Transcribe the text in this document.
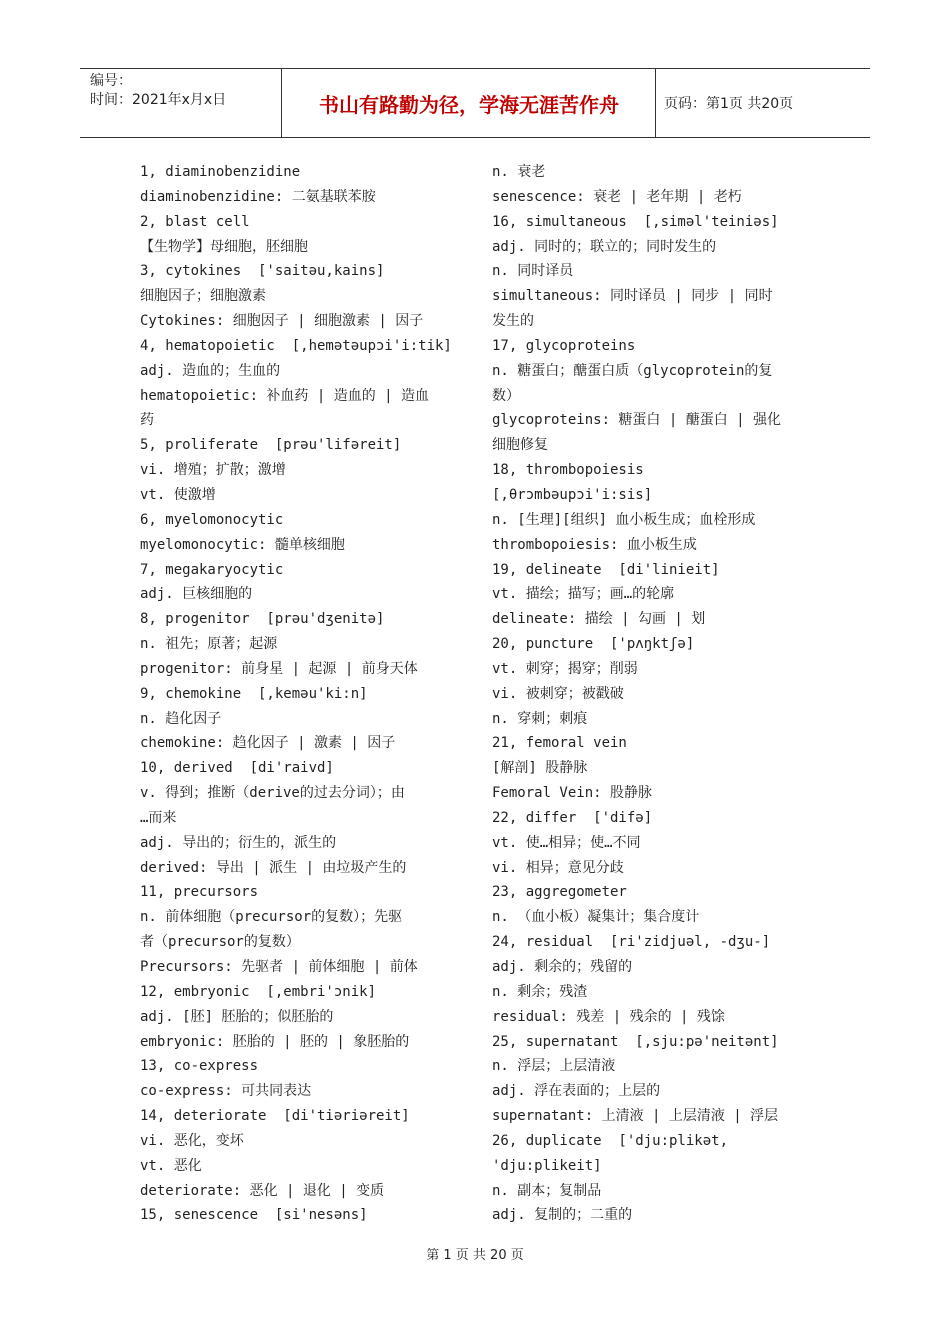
编号：
时间：2021年x月x日	书山有路勤为径，学海无涯苦作舟	页码：第1页 共20页
1, diaminobenzidine
diaminobenzidine: 二氨基联苯胺
2, blast cell
【生物学】母细胞，胚细胞
3, cytokines  ['saitəu,kains]
细胞因子；细胞激素
Cytokines: 细胞因子 | 细胞激素 | 因子
4, hematopoietic  [,hemətəupɔi'i:tik]
adj. 造血的；生血的
hematopoietic: 补血药 | 造血的 | 造血
药
5, proliferate  [prəu'lifəreit]
vi. 增殖；扩散；激增
vt. 使激增
6, myelomonocytic
myelomonocytic: 髓单核细胞
7, megakaryocytic
adj. 巨核细胞的
8, progenitor  [prəu'dʒenitə]
n. 祖先；原著；起源
progenitor: 前身星 | 起源 | 前身天体
9, chemokine  [,keməu'ki:n]
n. 趋化因子
chemokine: 趋化因子 | 激素 | 因子
10, derived  [di'raivd]
v. 得到；推断（derive的过去分词）；由
…而来
adj. 导出的；衍生的，派生的
derived: 导出 | 派生 | 由垃圾产生的
11, precursors
n. 前体细胞（precursor的复数）；先驱
者（precursor的复数）
Precursors: 先驱者 | 前体细胞 | 前体
12, embryonic  [,embri'ɔnik]
adj. [胚] 胚胎的；似胚胎的
embryonic: 胚胎的 | 胚的 | 象胚胎的
13, co-express
co-express: 可共同表达
14, deteriorate  [di'tiəriəreit]
vi. 恶化，变坏
vt. 恶化
deteriorate: 恶化 | 退化 | 变质
15, senescence  [si'nesəns]
n. 衰老
senescence: 衰老 | 老年期 | 老朽
16, simultaneous  [,siməl'teiniəs]
adj. 同时的；联立的；同时发生的
n. 同时译员
simultaneous: 同时译员 | 同步 | 同时
发生的
17, glycoproteins
n. 糖蛋白；醣蛋白质（glycoprotein的复
数）
glycoproteins: 糖蛋白 | 醣蛋白 | 强化
细胞修复
18, thrombopoiesis
[,θrɔmbəupɔi'i:sis]
n. [生理][组织] 血小板生成；血栓形成
thrombopoiesis: 血小板生成
19, delineate  [di'linieit]
vt. 描绘；描写；画…的轮廓
delineate: 描绘 | 勾画 | 划
20, puncture  ['pʌŋktʃə]
vt. 刺穿；揭穿；削弱
vi. 被刺穿；被戳破
n. 穿刺；刺痕
21, femoral vein
[解剖] 股静脉
Femoral Vein: 股静脉
22, differ  ['difə]
vt. 使…相异；使…不同
vi. 相异；意见分歧
23, aggregometer
n. （血小板）凝集计；集合度计
24, residual  [ri'zidjuəl, -dʒu-]
adj. 剩余的；残留的
n. 剩余；残渣
residual: 残差 | 残余的 | 残馀
25, supernatant  [,sju:pə'neitənt]
n. 浮层；上层清液
adj. 浮在表面的；上层的
supernatant: 上清液 | 上层清液 | 浮层
26, duplicate  ['dju:plikət,
'dju:plikeit]
n. 副本；复制品
adj. 复制的；二重的
第 1 页 共 20 页
